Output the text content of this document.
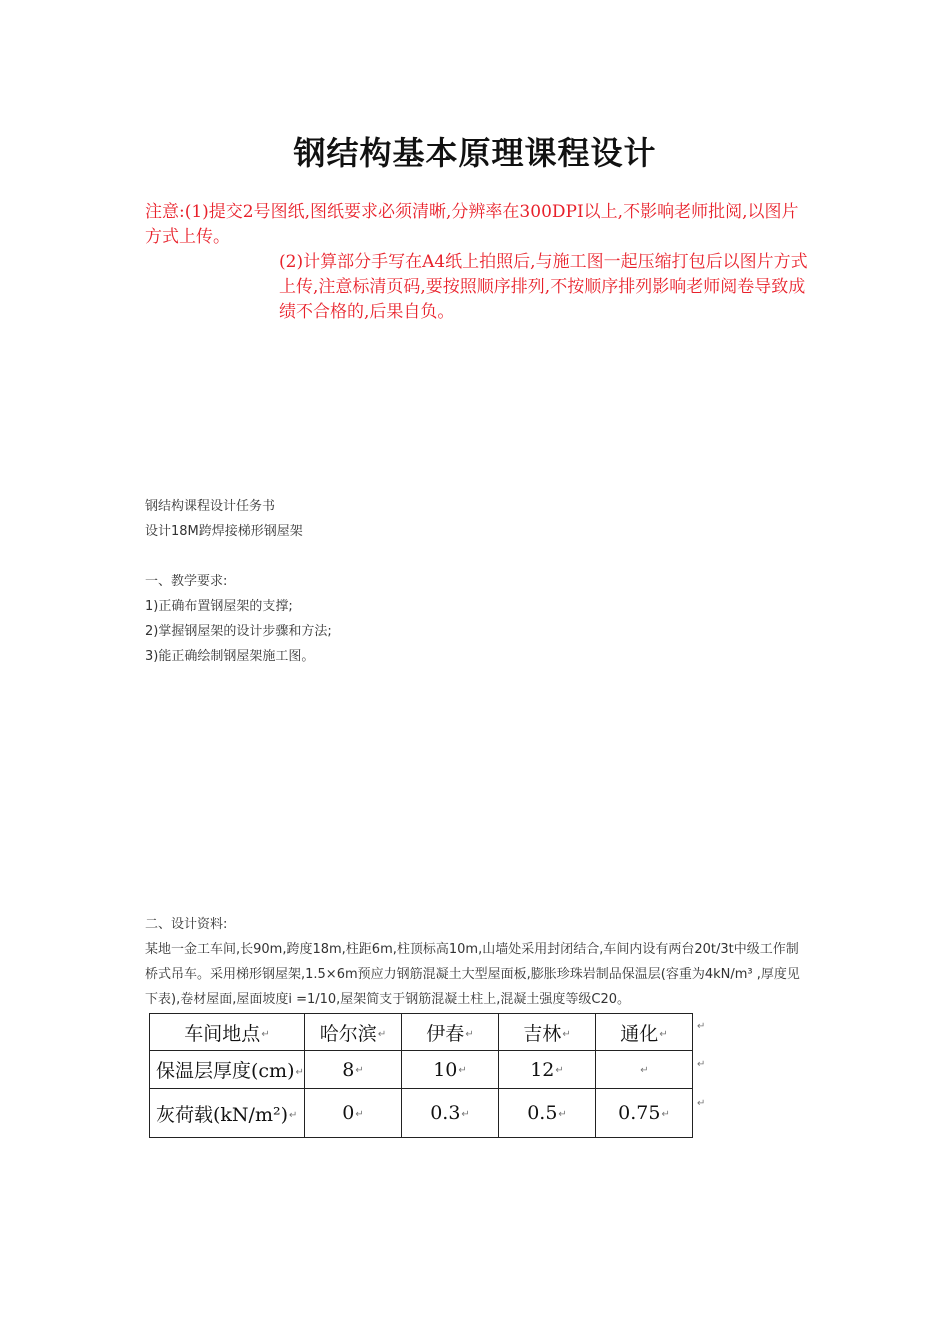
钢结构基本原理课程设计

注意:(1)提交2号图纸,图纸要求必须清晰,分辨率在300DPI以上,不影响老师批阅,以图片方式上传。

(2)计算部分手写在A4纸上拍照后,与施工图一起压缩打包后以图片方式上传,注意标清页码,要按照顺序排列,不按顺序排列影响老师阅卷导致成绩不合格的,后果自负。

钢结构课程设计任务书

设计18M跨焊接梯形钢屋架

一、教学要求:

1)正确布置钢屋架的支撑;

2)掌握钢屋架的设计步骤和方法;

3)能正确绘制钢屋架施工图。

二、设计资料:

某地一金工车间,长90m,跨度18m,柱距6m,柱顶标高10m,山墙处采用封闭结合,车间内设有两台20t/3t中级工作制桥式吊车。采用梯形钢屋架,1.5×6m预应力钢筋混凝土大型屋面板,膨胀珍珠岩制品保温层(容重为4kN/m³ ,厚度见下表),卷材屋面,屋面坡度i =1/10,屋架简支于钢筋混凝土柱上,混凝土强度等级C20。

车间地点↵	哈尔滨↵	伊春↵	吉林↵	通化↵
保温层厚度(cm)↵	8↵	10↵	12↵	↵
灰荷载(kN/m²)↵	0↵	0.3↵	0.5↵	0.75↵
↵
↵
↵
